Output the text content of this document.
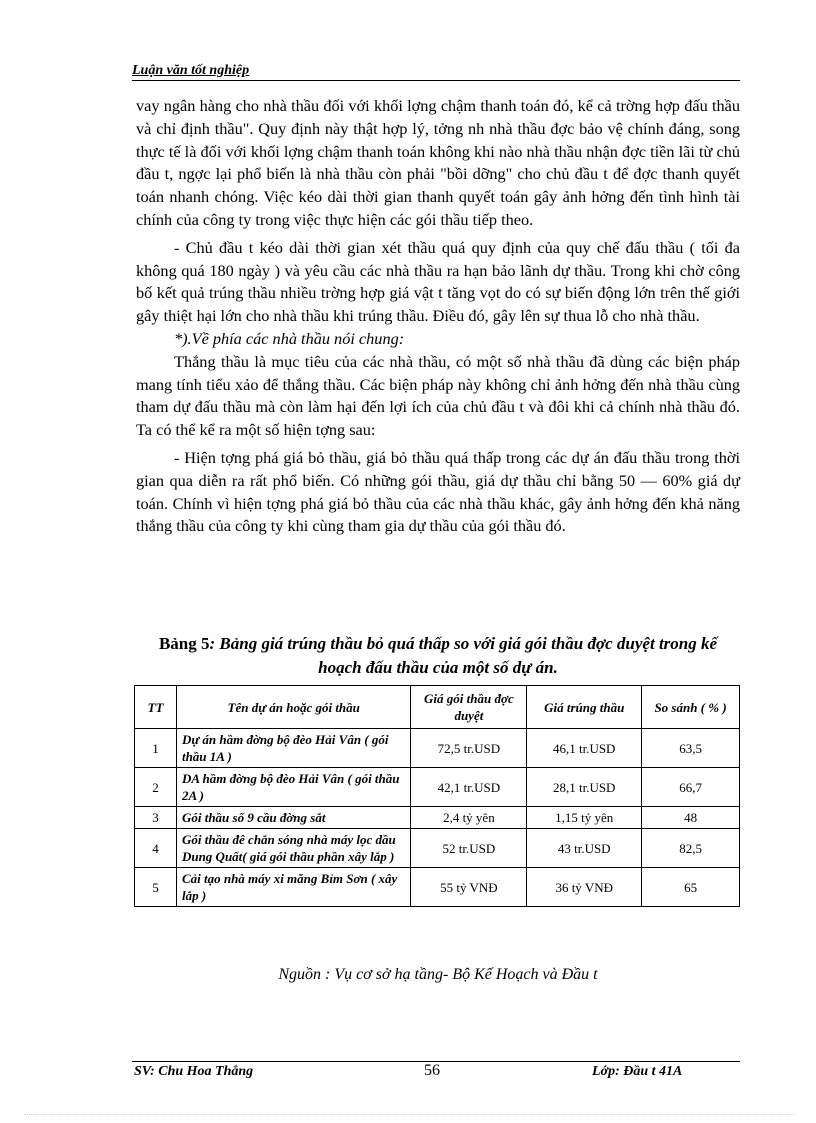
Luận văn tốt nghiệp

vay ngân hàng cho nhà thầu đối với khối lợng chậm thanh toán đó, kể cả trờng hợp đấu thầu và chỉ định thầu". Quy định này thật hợp lý, tởng nh nhà thầu đợc bảo vệ chính đáng, song thực tế là đối với khối lợng chậm thanh toán không khi nào nhà thầu nhận đợc tiền lãi từ chủ đầu t, ngợc lại phổ biến là nhà thầu còn phải "bồi dỡng" cho chủ đầu t để đợc thanh quyết toán nhanh chóng. Việc kéo dài thời gian thanh quyết toán gây ảnh hởng đến tình hình tài chính của công ty trong việc thực hiện các gói thầu tiếp theo.

- Chủ đầu t kéo dài thời gian xét thầu quá quy định của quy chế đấu thầu ( tối đa không quá 180 ngày ) và yêu cầu các nhà thầu ra hạn bảo lãnh dự thầu. Trong khi chờ công bố kết quả trúng thầu nhiều trờng hợp giá vật t tăng vọt do có sự biến động lớn trên thế giới gây thiệt hại lớn cho nhà thầu khi trúng thầu. Điều đó, gây lên sự thua lỗ cho nhà thầu.

*).Về phía các nhà thầu nói chung:

Thắng thầu là mục tiêu của các nhà thầu, có một số nhà thầu đã dùng các biện pháp mang tính tiểu xảo để thắng thầu. Các biện pháp này không chỉ ảnh hởng đến nhà thầu cùng tham dự đấu thầu mà còn làm hại đến lợi ích của chủ đầu t và đôi khi cả chính nhà thầu đó. Ta có thể kể ra một số hiện tợng sau:

- Hiện tợng phá giá bỏ thầu, giá bỏ thầu quá thấp trong các dự án đấu thầu trong thời gian qua diễn ra rất phổ biến. Có những gói thầu, giá dự thầu chỉ bằng 50 — 60% giá dự toán. Chính vì hiện tợng phá giá bỏ thầu của các nhà thầu khác, gây ảnh hởng đến khả năng thắng thầu của công ty khi cùng tham gia dự thầu của gói thầu đó.

Bảng 5: Bảng giá trúng thầu bỏ quá thấp so với giá gói thầu đợc duyệt trong kế hoạch đấu thầu của một số dự án.
TT	Tên dự án hoặc gói thầu	Giá gói thầu đợc duyệt	Giá trúng thầu	So sánh ( % )
1	Dự án hầm đờng bộ đèo Hải Vân ( gói thầu 1A )	72,5 tr.USD	46,1 tr.USD	63,5
2	DA hầm đờng bộ đèo Hải Vân ( gói thầu 2A )	42,1 tr.USD	28,1 tr.USD	66,7
3	Gói thầu số 9 cầu đờng sắt	2,4 tỷ yên	1,15 tỷ yên	48
4	Gói thầu đê chắn sóng nhà máy lọc dầu Dung Quất( giá gói thầu phần xây lắp )	52 tr.USD	43 tr.USD	82,5
5	Cải tạo nhà máy xi măng Bỉm Sơn ( xây lắp )	55 tỷ VNĐ	36 tỷ VNĐ	65
Nguồn : Vụ cơ sở hạ tầng- Bộ Kế Hoạch và Đầu t
SV: Chu Hoa Thắng	56	Lớp: Đầu t 41A
